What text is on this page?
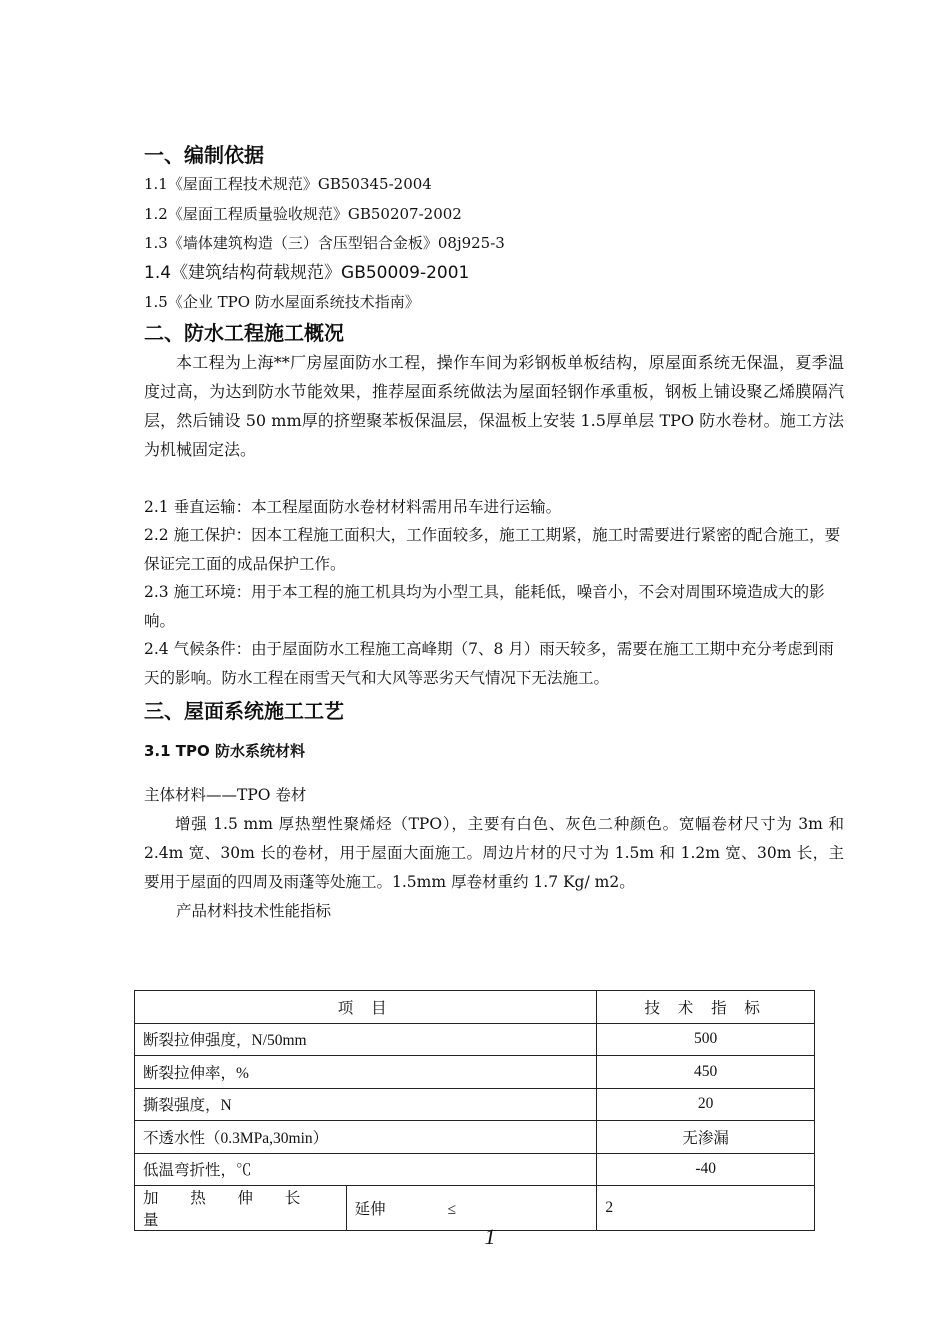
一、编制依据

1.1《屋面工程技术规范》GB50345-2004

1.2《屋面工程质量验收规范》GB50207-2002

1.3《墙体建筑构造（三）含压型铝合金板》08j925-3

1.4《建筑结构荷载规范》GB50009-2001

1.5《企业 TPO 防水屋面系统技术指南》

二、防水工程施工概况

本工程为上海**厂房屋面防水工程，操作车间为彩钢板单板结构，原屋面系统无保温，夏季温度过高，为达到防水节能效果，推荐屋面系统做法为屋面轻钢作承重板，钢板上铺设聚乙烯膜隔汽层，然后铺设 50 mm厚的挤塑聚苯板保温层，保温板上安装 1.5厚单层 TPO 防水卷材。施工方法为机械固定法。

2.1 垂直运输：本工程屋面防水卷材材料需用吊车进行运输。

2.2 施工保护：因本工程施工面积大，工作面较多，施工工期紧，施工时需要进行紧密的配合施工，要保证完工面的成品保护工作。

2.3 施工环境：用于本工程的施工机具均为小型工具，能耗低，噪音小，不会对周围环境造成大的影响。

2.4 气候条件：由于屋面防水工程施工高峰期（7、8 月）雨天较多，需要在施工工期中充分考虑到雨天的影响。防水工程在雨雪天气和大风等恶劣天气情况下无法施工。

三、屋面系统施工工艺

3.1 TPO 防水系统材料

主体材料——TPO 卷材

增强 1.5 mm 厚热塑性聚烯烃（TPO），主要有白色、灰色二种颜色。宽幅卷材尺寸为 3m 和 2.4m 宽、30m 长的卷材，用于屋面大面施工。周边片材的尺寸为 1.5m 和 1.2m 宽、30m 长，主要用于屋面的四周及雨蓬等处施工。1.5mm 厚卷材重约 1.7 Kg/ m2。

产品材料技术性能指标

项 目		技 术 指 标
断裂拉伸强度，N/50mm		500
断裂拉伸率，%		450
撕裂强度，N		20
不透水性（0.3MPa,30min）		无渗漏
低温弯折性，℃		-40
加 热 伸 长 量	延伸　　　　≤	2
1
